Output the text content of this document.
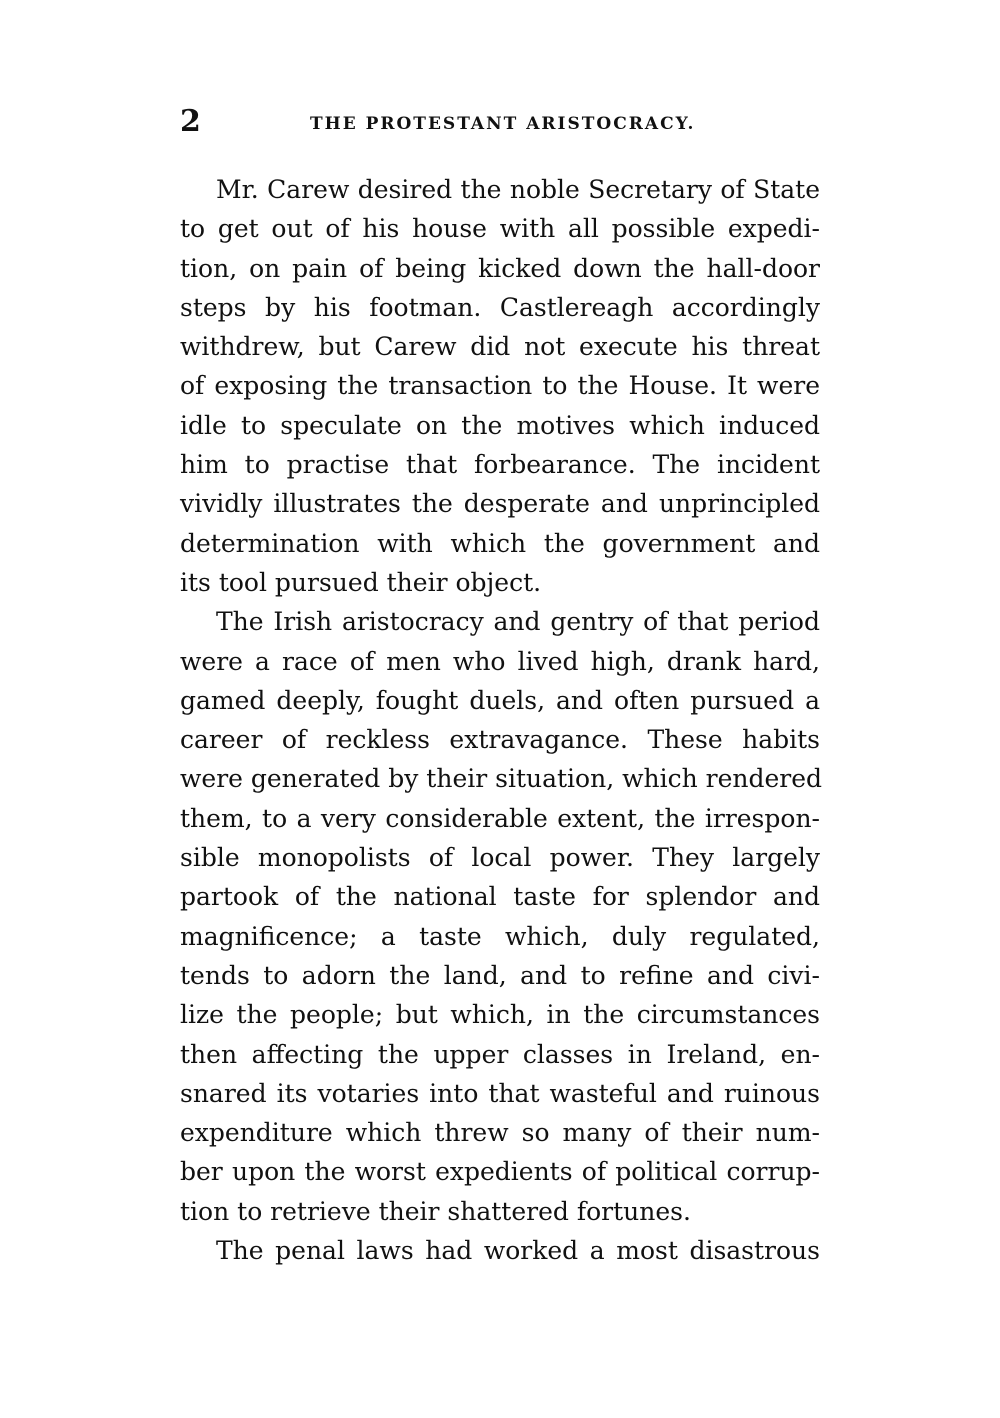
2	THE PROTESTANT ARISTOCRACY.
Mr. Carew desired the noble Secretary of State
to get out of his house with all possible expedi-
tion, on pain of being kicked down the hall-door
steps by his footman. Castlereagh accordingly
withdrew, but Carew did not execute his threat
of exposing the transaction to the House. It were
idle to speculate on the motives which induced
him to practise that forbearance. The incident
vividly illustrates the desperate and unprincipled
determination with which the government and
its tool pursued their object.
The Irish aristocracy and gentry of that period
were a race of men who lived high, drank hard,
gamed deeply, fought duels, and often pursued a
career of reckless extravagance. These habits
were generated by their situation, which rendered
them, to a very considerable extent, the irrespon-
sible monopolists of local power. They largely
partook of the national taste for splendor and
magnificence; a taste which, duly regulated,
tends to adorn the land, and to refine and civi-
lize the people; but which, in the circumstances
then affecting the upper classes in Ireland, en-
snared its votaries into that wasteful and ruinous
expenditure which threw so many of their num-
ber upon the worst expedients of political corrup-
tion to retrieve their shattered fortunes.
The penal laws had worked a most disastrous
